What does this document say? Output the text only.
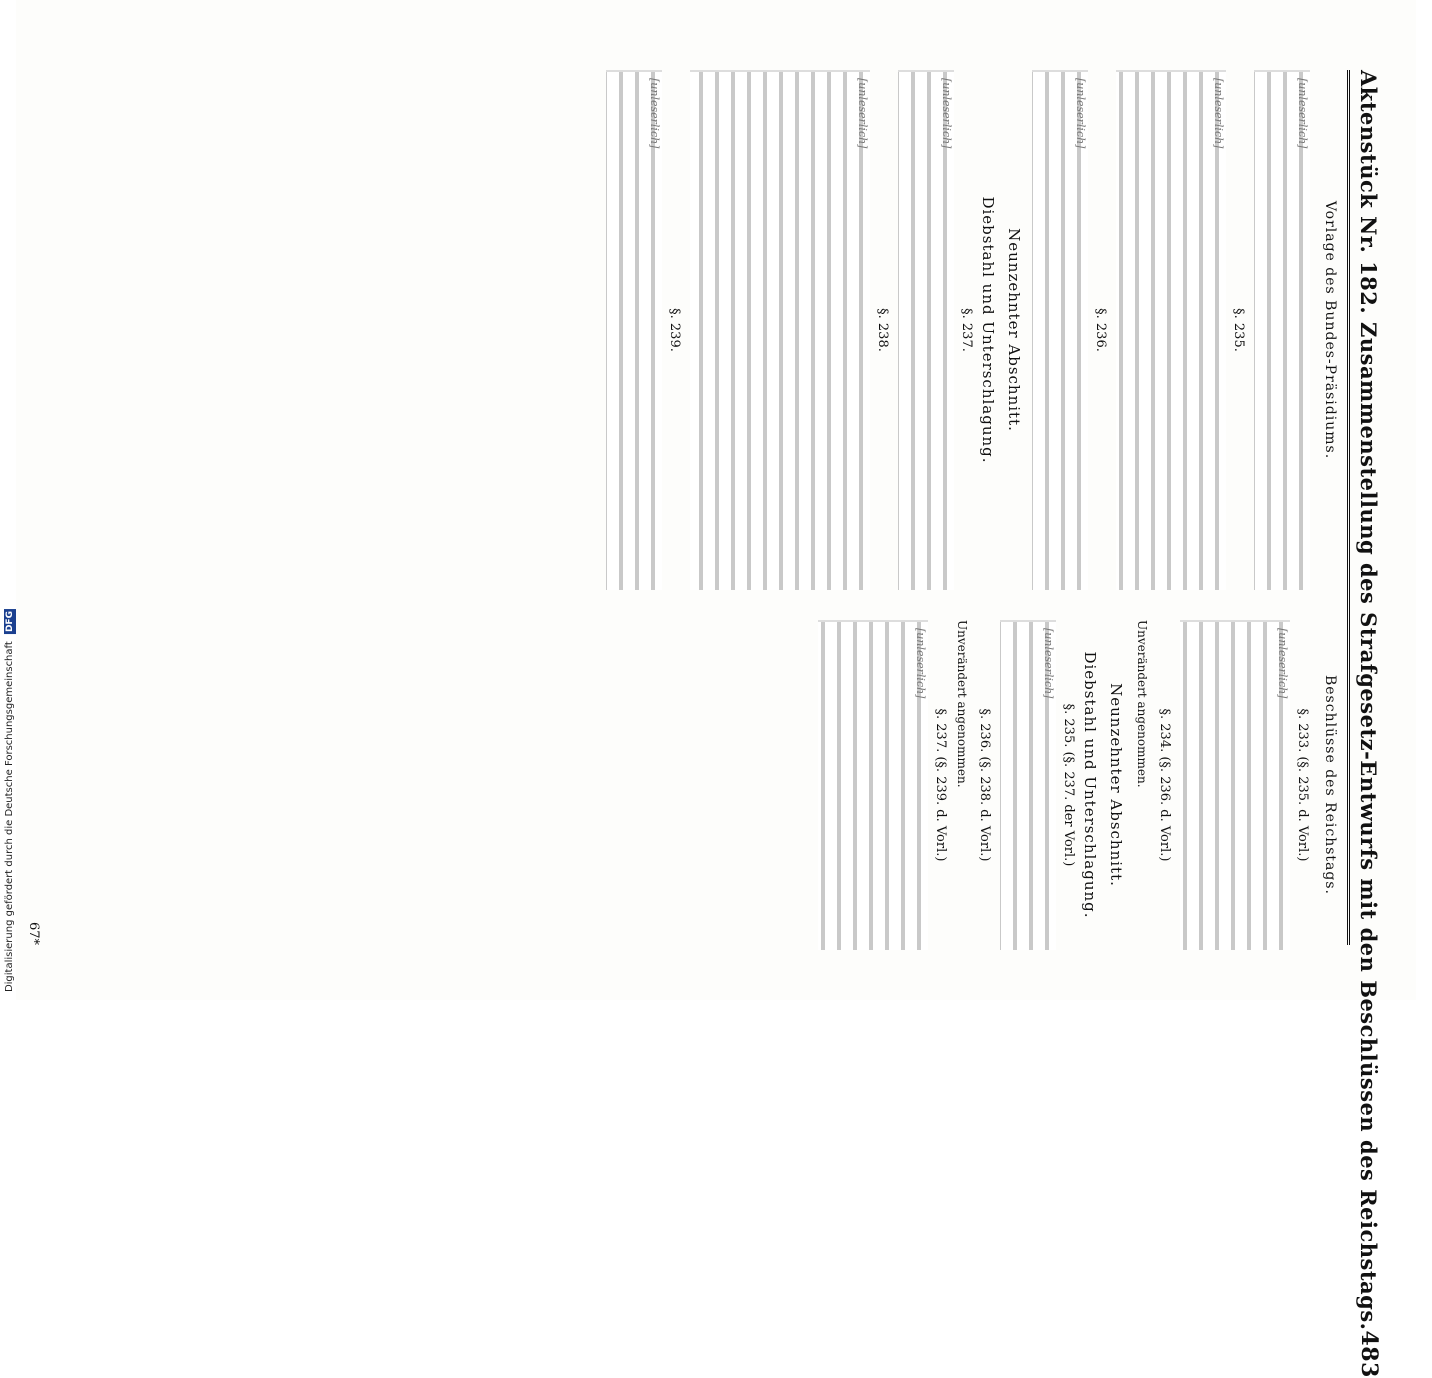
Digitalisierung gefördert durch die Deutsche Forschungsgemeinschaft DFG	Aktenstück Nr. 182. Zusammenstellung des Strafgesetz-Entwurfs mit den Beschlüssen des Reichstags.
483
Vorlage des Bundes-Präsidiums.
[unleserlich]
§. 235.
[unleserlich]
§. 236.
[unleserlich]
Neunzehnter Abschnitt.
Diebstahl und Unterschlagung.
§. 237.
[unleserlich]
§. 238.
[unleserlich]
§. 239.
[unleserlich]
Beschlüsse des Reichstags.
§. 233. (§. 235. d. Vorl.)
[unleserlich]
§. 234. (§. 236. d. Vorl.)
Unverändert angenommen.
Neunzehnter Abschnitt.
Diebstahl und Unterschlagung.
§. 235. (§. 237. der Vorl.)
[unleserlich]
§. 236. (§. 238. d. Vorl.)
Unverändert angenommen.
§. 237. (§. 239. d. Vorl.)
[unleserlich]
67*
